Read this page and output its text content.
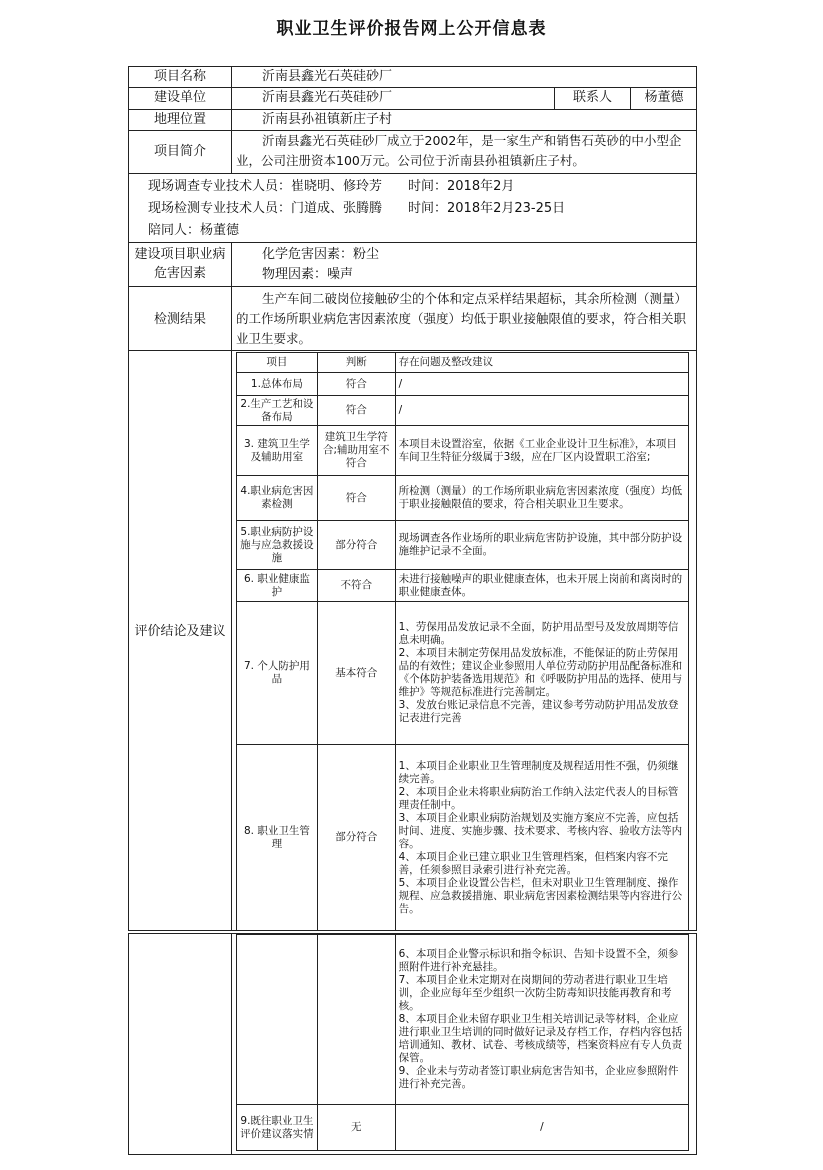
职业卫生评价报告网上公开信息表
项目名称	沂南县鑫光石英硅砂厂
建设单位	沂南县鑫光石英硅砂厂	联系人	杨董德
地理位置	沂南县孙祖镇新庄子村
项目简介
沂南县鑫光石英硅砂厂成立于2002年，是一家生产和销售石英砂的中小型企业，公司注册资本100万元。公司位于沂南县孙祖镇新庄子村。
现场调查专业技术人员：崔晓明、修玲芳　　时间：2018年2月
现场检测专业技术人员：门道成、张腾腾　　时间：2018年2月23-25日
陪同人：杨董德
建设项目职业病危害因素
化学危害因素：粉尘
物理因素：噪声
检测结果
生产车间二破岗位接触矽尘的个体和定点采样结果超标，其余所检测（测量）的工作场所职业病危害因素浓度（强度）均低于职业接触限值的要求，符合相关职业卫生要求。
评价结论及建议
项目	判断	存在问题及整改建议
1.总体布局	符合	/
2.生产工艺和设备布局	符合	/
3. 建筑卫生学及辅助用室	建筑卫生学符合;辅助用室不符合	本项目未设置浴室，依据《工业企业设计卫生标准》，本项目车间卫生特征分级属于3级，应在厂区内设置职工浴室;
4.职业病危害因素检测	符合	所检测（测量）的工作场所职业病危害因素浓度（强度）均低于职业接触限值的要求，符合相关职业卫生要求。
5.职业病防护设施与应急救援设施	部分符合	现场调查各作业场所的职业病危害防护设施，其中部分防护设施维护记录不全面。
6. 职业健康监护	不符合	未进行接触噪声的职业健康查体，也未开展上岗前和离岗时的职业健康查体。
7. 个人防护用品	基本符合	1、劳保用品发放记录不全面，防护用品型号及发放周期等信息未明确。
2、本项目未制定劳保用品发放标准，不能保证的防止劳保用品的有效性；建议企业参照用人单位劳动防护用品配备标准和《个体防护装备选用规范》和《呼吸防护用品的选择、使用与维护》等规范标准进行完善制定。
3、发放台账记录信息不完善，建议参考劳动防护用品发放登记表进行完善

8. 职业卫生管理	部分符合	1、本项目企业职业卫生管理制度及规程适用性不强，仍须继续完善。
2、本项目企业未将职业病防治工作纳入法定代表人的目标管理责任制中。
3、本项目企业职业病防治规划及实施方案应不完善，应包括时间、进度、实施步骤、技术要求、考核内容、验收方法等内容。
4、本项目企业已建立职业卫生管理档案，但档案内容不完善，任须参照目录索引进行补充完善。
5、本项目企业设置公告栏，但未对职业卫生管理制度、操作规程、应急救援措施、职业病危害因素检测结果等内容进行公告。

		6、本项目企业警示标识和指令标识、告知卡设置不全，须参照附件进行补充悬挂。
7、本项目企业未定期对在岗期间的劳动者进行职业卫生培训，企业应每年至少组织一次防尘防毒知识技能再教育和考核。
8、本项目企业未留存职业卫生相关培训记录等材料，企业应进行职业卫生培训的同时做好记录及存档工作，存档内容包括培训通知、教材、试卷、考核成绩等，档案资料应有专人负责保管。
9、企业未与劳动者签订职业病危害告知书，企业应参照附件进行补充完善。

9.既往职业卫生评价建议落实情	无	/
